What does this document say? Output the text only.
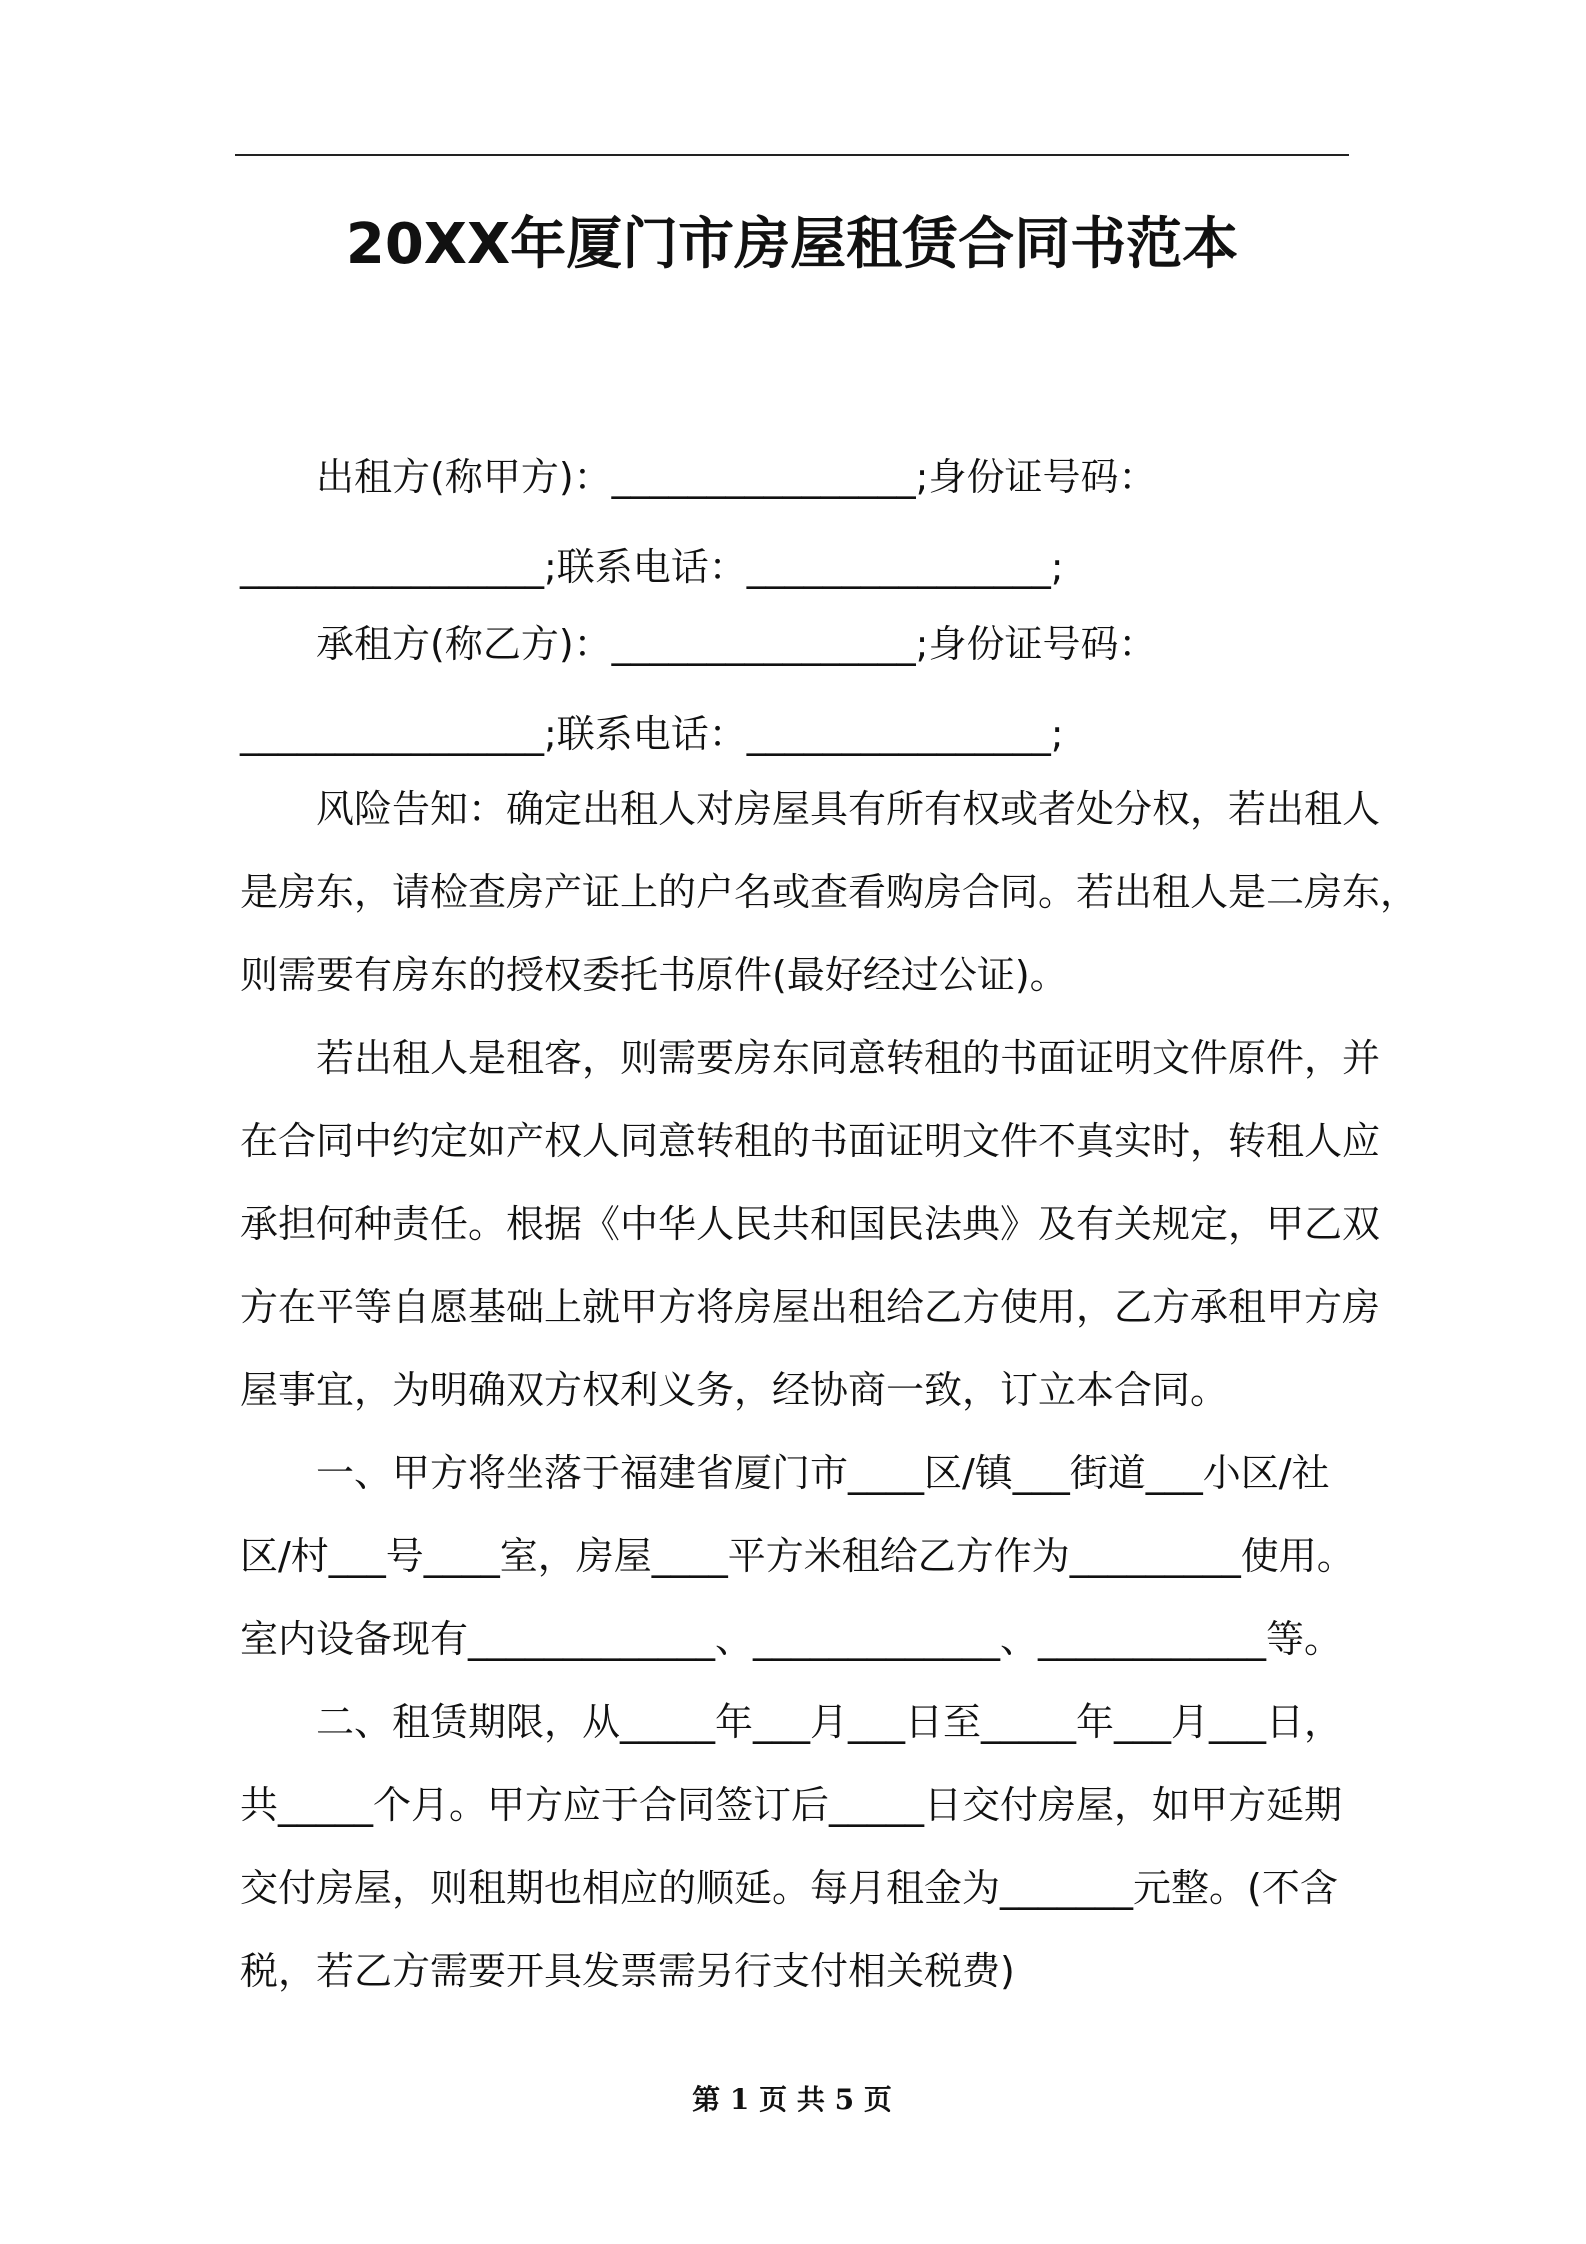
20XX年厦门市房屋租赁合同书范本
出租方(称甲方)：________________;身份证号码：
________________;联系电话：________________;
承租方(称乙方)：________________;身份证号码：
________________;联系电话：________________;
风险告知：确定出租人对房屋具有所有权或者处分权，若出租人
是房东，请检查房产证上的户名或查看购房合同。若出租人是二房东，
则需要有房东的授权委托书原件(最好经过公证)。
若出租人是租客，则需要房东同意转租的书面证明文件原件，并
在合同中约定如产权人同意转租的书面证明文件不真实时，转租人应
承担何种责任。根据《中华人民共和国民法典》及有关规定，甲乙双
方在平等自愿基础上就甲方将房屋出租给乙方使用，乙方承租甲方房
屋事宜，为明确双方权利义务，经协商一致，订立本合同。
一、甲方将坐落于福建省厦门市____区/镇___街道___小区/社
区/村___号____室，房屋____平方米租给乙方作为_________使用。
室内设备现有_____________、_____________、____________等。
二、租赁期限，从_____年___月___日至_____年___月___日，
共_____个月。甲方应于合同签订后_____日交付房屋，如甲方延期
交付房屋，则租期也相应的顺延。每月租金为_______元整。(不含
税，若乙方需要开具发票需另行支付相关税费)
第 1 页 共 5 页
